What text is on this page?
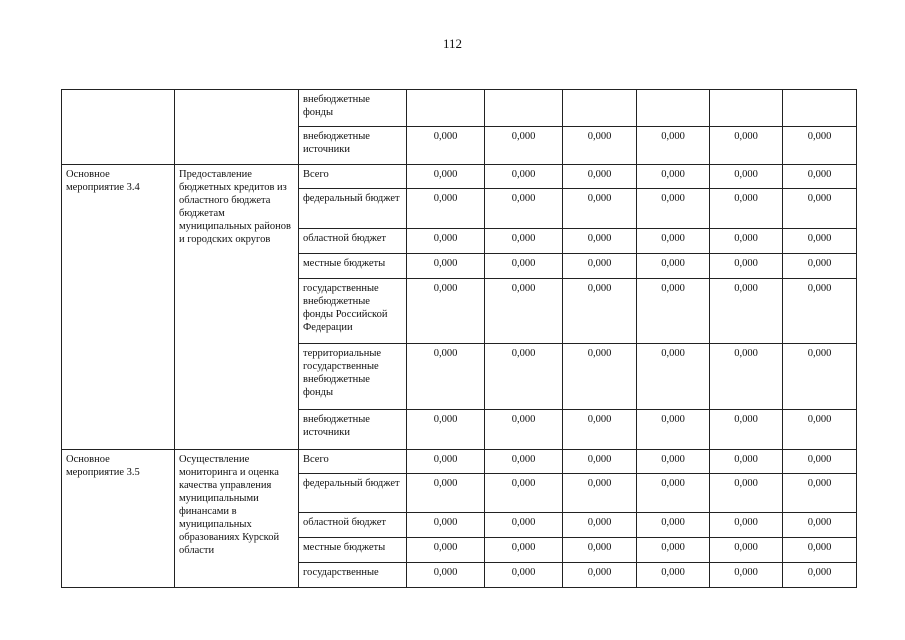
112
		внебюджетные фонды						
		внебюджетные источники	0,000	0,000	0,000	0,000	0,000	0,000
Основное мероприятие 3.4	Предоставление бюджетных кредитов из областного бюджета бюджетам муниципальных районов и городских округов	Всего	0,000	0,000	0,000	0,000	0,000	0,000
		федеральный бюджет	0,000	0,000	0,000	0,000	0,000	0,000
		областной бюджет	0,000	0,000	0,000	0,000	0,000	0,000
		местные бюджеты	0,000	0,000	0,000	0,000	0,000	0,000
		государственные внебюджетные фонды Российской Федерации	0,000	0,000	0,000	0,000	0,000	0,000
		территориальные государственные внебюджетные фонды	0,000	0,000	0,000	0,000	0,000	0,000
		внебюджетные источники	0,000	0,000	0,000	0,000	0,000	0,000
Основное мероприятие 3.5	Осуществление мониторинга и оценка качества управления муниципальными финансами в муниципальных образованиях Курской области	Всего	0,000	0,000	0,000	0,000	0,000	0,000
		федеральный бюджет	0,000	0,000	0,000	0,000	0,000	0,000
		областной бюджет	0,000	0,000	0,000	0,000	0,000	0,000
		местные бюджеты	0,000	0,000	0,000	0,000	0,000	0,000
		государственные	0,000	0,000	0,000	0,000	0,000	0,000
